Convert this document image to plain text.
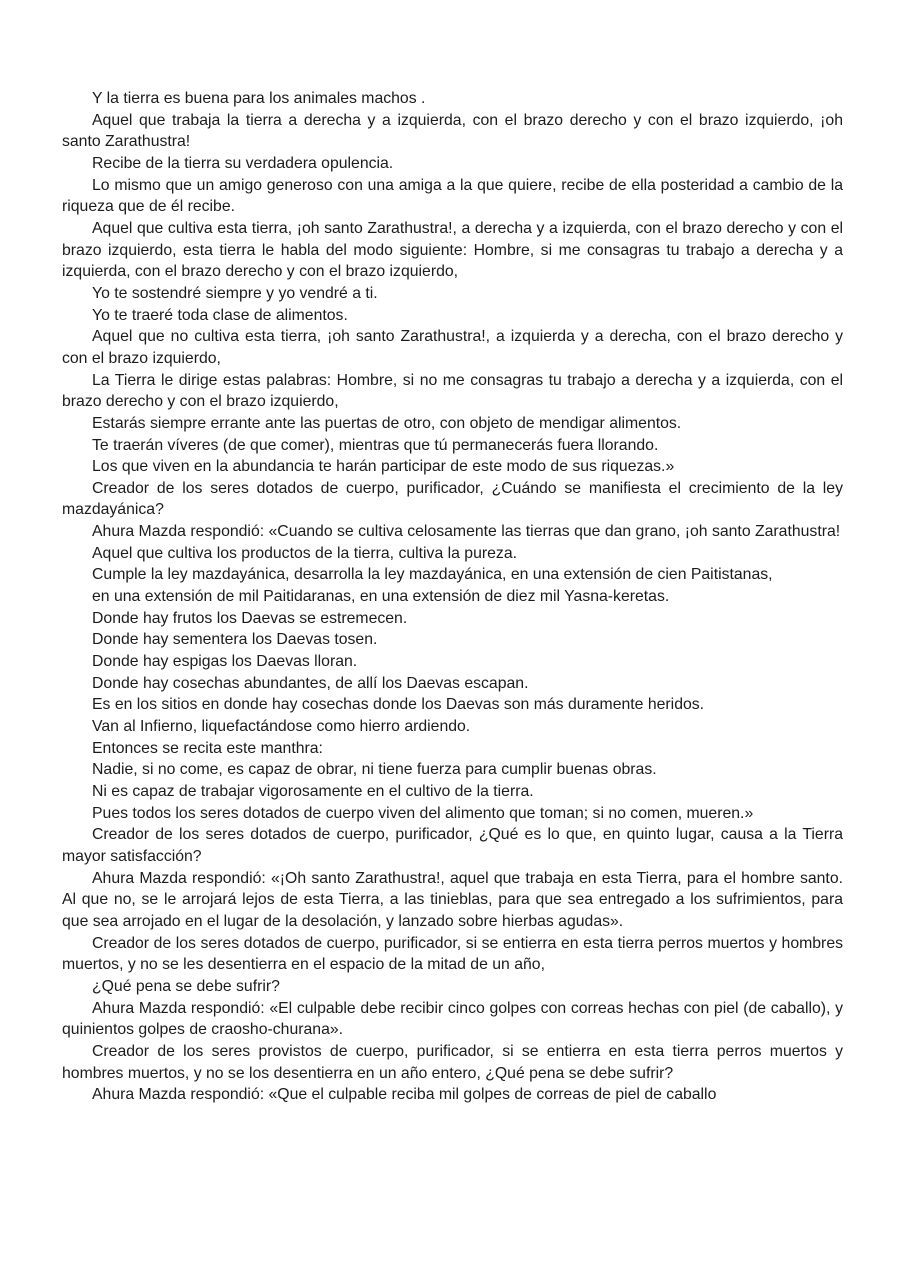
Y la tierra es buena para los animales machos .

Aquel que trabaja la tierra a derecha y a izquierda, con el brazo derecho y con el brazo izquierdo, ¡oh santo Zarathustra!

Recibe de la tierra su verdadera opulencia.

Lo mismo que un amigo generoso con una amiga a la que quiere, recibe de ella posteridad a cambio de la riqueza que de él recibe.

Aquel que cultiva esta tierra, ¡oh santo Zarathustra!, a derecha y a izquierda, con el brazo derecho y con el brazo izquierdo, esta tierra le habla del modo siguiente: Hombre, si me consagras tu trabajo a derecha y a izquierda, con el brazo derecho y con el brazo izquierdo,

Yo te sostendré siempre y yo vendré a ti.

Yo te traeré toda clase de alimentos.

Aquel que no cultiva esta tierra, ¡oh santo Zarathustra!, a izquierda y a derecha, con el brazo derecho y con el brazo izquierdo,

La Tierra le dirige estas palabras: Hombre, si no me consagras tu trabajo a derecha y a izquierda, con el brazo derecho y con el brazo izquierdo,

Estarás siempre errante ante las puertas de otro, con objeto de mendigar alimentos.

Te traerán víveres (de que comer), mientras que tú permanecerás fuera llorando.

Los que viven en la abundancia te harán participar de este modo de sus riquezas.»

Creador de los seres dotados de cuerpo, purificador, ¿Cuándo se manifiesta el crecimiento de la ley mazdayánica?

Ahura Mazda respondió: «Cuando se cultiva celosamente las tierras que dan grano, ¡oh santo Zarathustra!

Aquel que cultiva los productos de la tierra, cultiva la pureza.

Cumple la ley mazdayánica, desarrolla la ley mazdayánica, en una extensión de cien Paitistanas,

en una extensión de mil Paitidaranas, en una extensión de diez mil Yasna-keretas.

Donde hay frutos los Daevas se estremecen.

Donde hay sementera los Daevas tosen.

Donde hay espigas los Daevas lloran.

Donde hay cosechas abundantes, de allí los Daevas escapan.

Es en los sitios en donde hay cosechas donde los Daevas son más duramente heridos.

Van al Infierno, liquefactándose como hierro ardiendo.

Entonces se recita este manthra:

Nadie, si no come, es capaz de obrar, ni tiene fuerza para cumplir buenas obras.

Ni es capaz de trabajar vigorosamente en el cultivo de la tierra.

Pues todos los seres dotados de cuerpo viven del alimento que toman; si no comen, mueren.»

Creador de los seres dotados de cuerpo, purificador, ¿Qué es lo que, en quinto lugar, causa a la Tierra mayor satisfacción?

Ahura Mazda respondió: «¡Oh santo Zarathustra!, aquel que trabaja en esta Tierra, para el hombre santo. Al que no, se le arrojará lejos de esta Tierra, a las tinieblas, para que sea entregado a los sufrimientos, para que sea arrojado en el lugar de la desolación, y lanzado sobre hierbas agudas».

Creador de los seres dotados de cuerpo, purificador, si se entierra en esta tierra perros muertos y hombres muertos, y no se les desentierra en el espacio de la mitad de un año,

¿Qué pena se debe sufrir?

Ahura Mazda respondió: «El culpable debe recibir cinco golpes con correas hechas con piel (de caballo), y quinientos golpes de craosho-churana».

Creador de los seres provistos de cuerpo, purificador, si se entierra en esta tierra perros muertos y hombres muertos, y no se los desentierra en un año entero, ¿Qué pena se debe sufrir?

Ahura Mazda respondió: «Que el culpable reciba mil golpes de correas de piel de caballo
